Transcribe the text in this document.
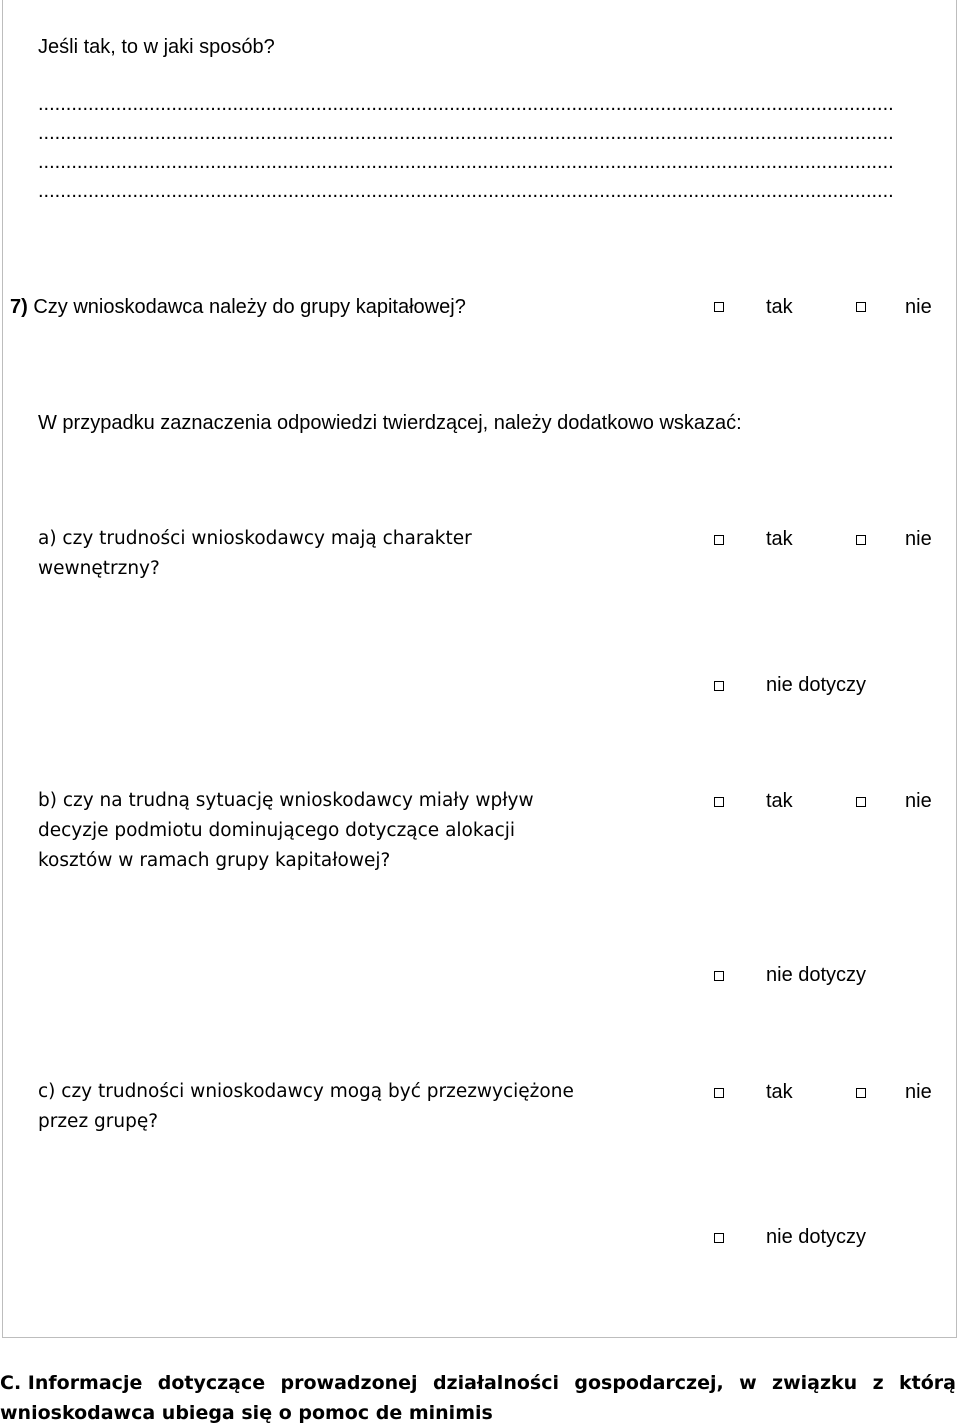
Jeśli tak, to w jaki sposób?
..........................................................................................................................................................
..........................................................................................................................................................
..........................................................................................................................................................
..........................................................................................................................................................
7) Czy wnioskodawca należy do grupy kapitałowej?	tak	nie
W przypadku zaznaczenia odpowiedzi twierdzącej, należy dodatkowo wskazać:
a) czy trudności wnioskodawcy mają charakter
wewnętrzny?
tak	nie
nie dotyczy
b) czy na trudną sytuację wnioskodawcy miały wpływ
decyzje podmiotu dominującego dotyczące alokacji
kosztów w ramach grupy kapitałowej?
tak	nie
nie dotyczy
c) czy trudności wnioskodawcy mogą być przezwyciężone
przez grupę?
tak	nie
nie dotyczy
C. Informacje dotyczące prowadzonej działalności gospodarczej, w związku z którą
wnioskodawca ubiega się o pomoc de minimis
